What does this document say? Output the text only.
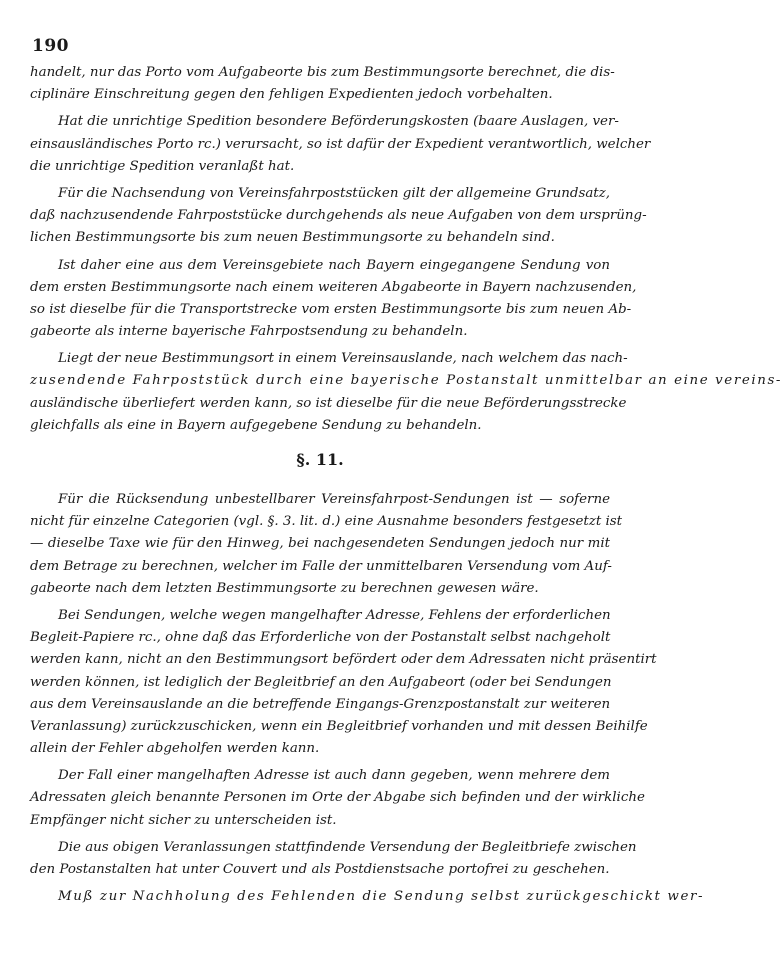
190
handelt, nur das Porto vom Aufgabeorte bis zum Bestimmungsorte berechnet, die dis-
ciplinäre Einschreitung gegen den fehligen Expedienten jedoch vorbehalten.
Hat die unrichtige Spedition besondere Beförderungskosten (baare Auslagen, ver-
einsausländisches Porto rc.) verursacht, so ist dafür der Expedient verantwortlich, welcher
die unrichtige Spedition veranlaßt hat.
Für die Nachsendung von Vereinsfahrpoststücken gilt der allgemeine Grundsatz,
daß nachzusendende Fahrpoststücke durchgehends als neue Aufgaben von dem ursprüng-
lichen Bestimmungsorte bis zum neuen Bestimmungsorte zu behandeln sind.
Ist daher eine aus dem Vereinsgebiete nach Bayern eingegangene Sendung von
dem ersten Bestimmungsorte nach einem weiteren Abgabeorte in Bayern nachzusenden,
so ist dieselbe für die Transportstrecke vom ersten Bestimmungsorte bis zum neuen Ab-
gabeorte als interne bayerische Fahrpostsendung zu behandeln.
Liegt der neue Bestimmungsort in einem Vereinsauslande, nach welchem das nach-
zusendende Fahrpoststück durch eine bayerische Postanstalt unmittelbar an eine vereins-
ausländische überliefert werden kann, so ist dieselbe für die neue Beförderungsstrecke
gleichfalls als eine in Bayern aufgegebene Sendung zu behandeln.
§. 11.
Für die Rücksendung unbestellbarer Vereinsfahrpost-Sendungen ist — soferne
nicht für einzelne Categorien (vgl. §. 3. lit. d.) eine Ausnahme besonders festgesetzt ist
— dieselbe Taxe wie für den Hinweg, bei nachgesendeten Sendungen jedoch nur mit
dem Betrage zu berechnen, welcher im Falle der unmittelbaren Versendung vom Auf-
gabeorte nach dem letzten Bestimmungsorte zu berechnen gewesen wäre.
Bei Sendungen, welche wegen mangelhafter Adresse, Fehlens der erforderlichen
Begleit-Papiere rc., ohne daß das Erforderliche von der Postanstalt selbst nachgeholt
werden kann, nicht an den Bestimmungsort befördert oder dem Adressaten nicht präsentirt
werden können, ist lediglich der Begleitbrief an den Aufgabeort (oder bei Sendungen
aus dem Vereinsauslande an die betreffende Eingangs-Grenzpostanstalt zur weiteren
Veranlassung) zurückzuschicken, wenn ein Begleitbrief vorhanden und mit dessen Beihilfe
allein der Fehler abgeholfen werden kann.
Der Fall einer mangelhaften Adresse ist auch dann gegeben, wenn mehrere dem
Adressaten gleich benannte Personen im Orte der Abgabe sich befinden und der wirkliche
Empfänger nicht sicher zu unterscheiden ist.
Die aus obigen Veranlassungen stattfindende Versendung der Begleitbriefe zwischen
den Postanstalten hat unter Couvert und als Postdienstsache portofrei zu geschehen.
Muß zur Nachholung des Fehlenden die Sendung selbst zurückgeschickt wer-
